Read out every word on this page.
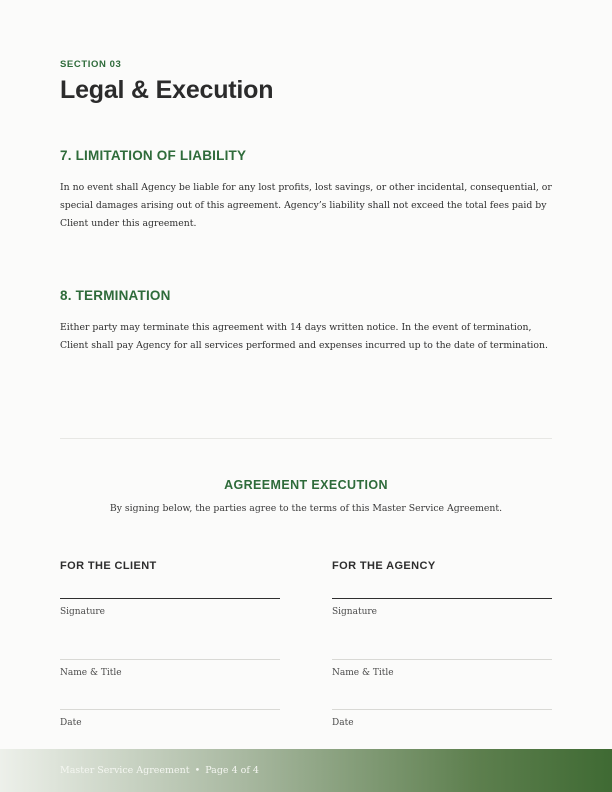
SECTION 03
Legal & Execution
7. LIMITATION OF LIABILITY

In no event shall Agency be liable for any lost profits, lost savings, or other incidental, consequential, or special damages arising out of this agreement. Agency’s liability shall not exceed the total fees paid by Client under this agreement.

8. TERMINATION

Either party may terminate this agreement with 14 days written notice. In the event of termination, Client shall pay Agency for all services performed and expenses incurred up to the date of termination.

AGREEMENT EXECUTION

By signing below, the parties agree to the terms of this Master Service Agreement.

FOR THE CLIENT
Signature
Name & Title
Date
FOR THE AGENCY
Signature
Name & Title
Date
Master Service Agreement • Page 4 of 4
